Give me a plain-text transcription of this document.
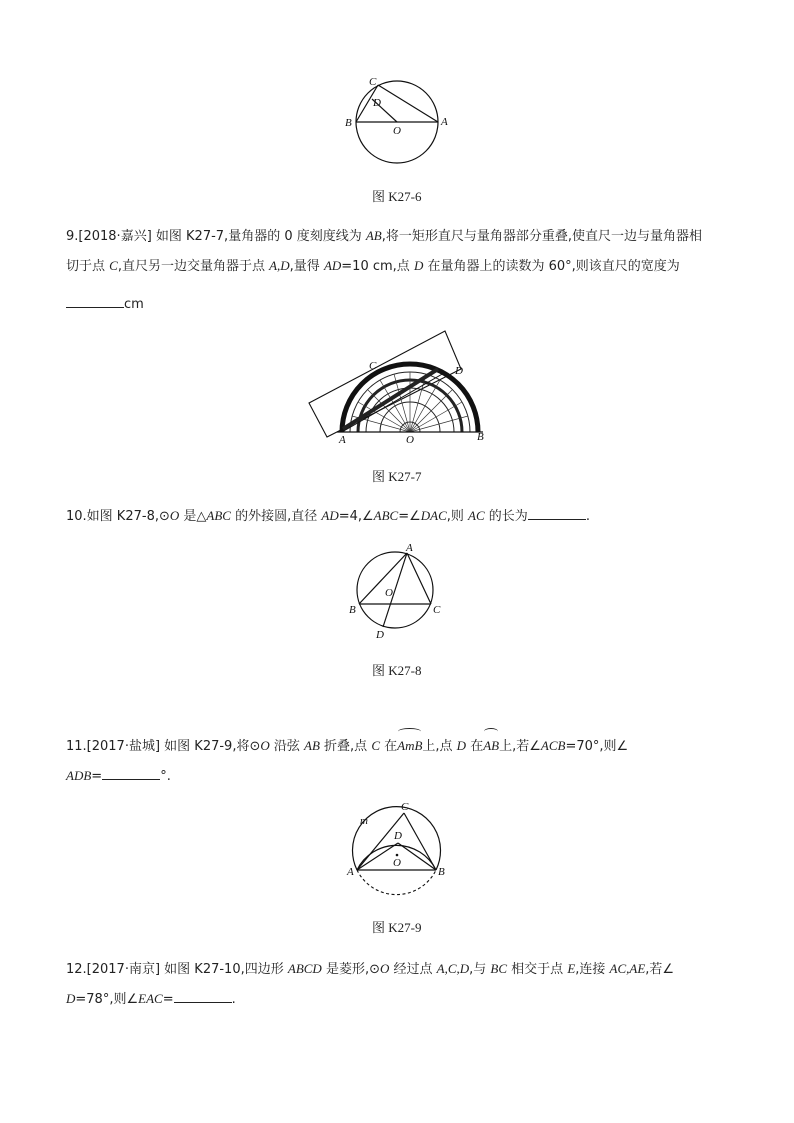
C
D
B
O
A
图 K27-6
9.[2018·嘉兴] 如图 K27-7,量角器的 0 度刻度线为 AB,将一矩形直尺与量角器部分重叠,使直尺一边与量角器相
切于点 C,直尺另一边交量角器于点 A,D,量得 AD=10 cm,点 D 在量角器上的读数为 60°,则该直尺的宽度为
cm
C	D
A	O	B
图 K27-7
10.如图 K27-8,⊙O 是△ABC 的外接圆,直径 AD=4,∠ABC=∠DAC,则 AC 的长为	.
A
O
B	C
D
图 K27-8
11.[2017·盐城] 如图 K27-9,将⊙O 沿弦 AB 折叠,点 C 在AmB上,点 D 在AB上,若∠ACB=70°,则∠
ADB=	°.
C
m
D
O
A	B
图 K27-9
12.[2017·南京] 如图 K27-10,四边形 ABCD 是菱形,⊙O 经过点 A,C,D,与 BC 相交于点 E,连接 AC,AE,若∠
D=78°,则∠EAC=	.
